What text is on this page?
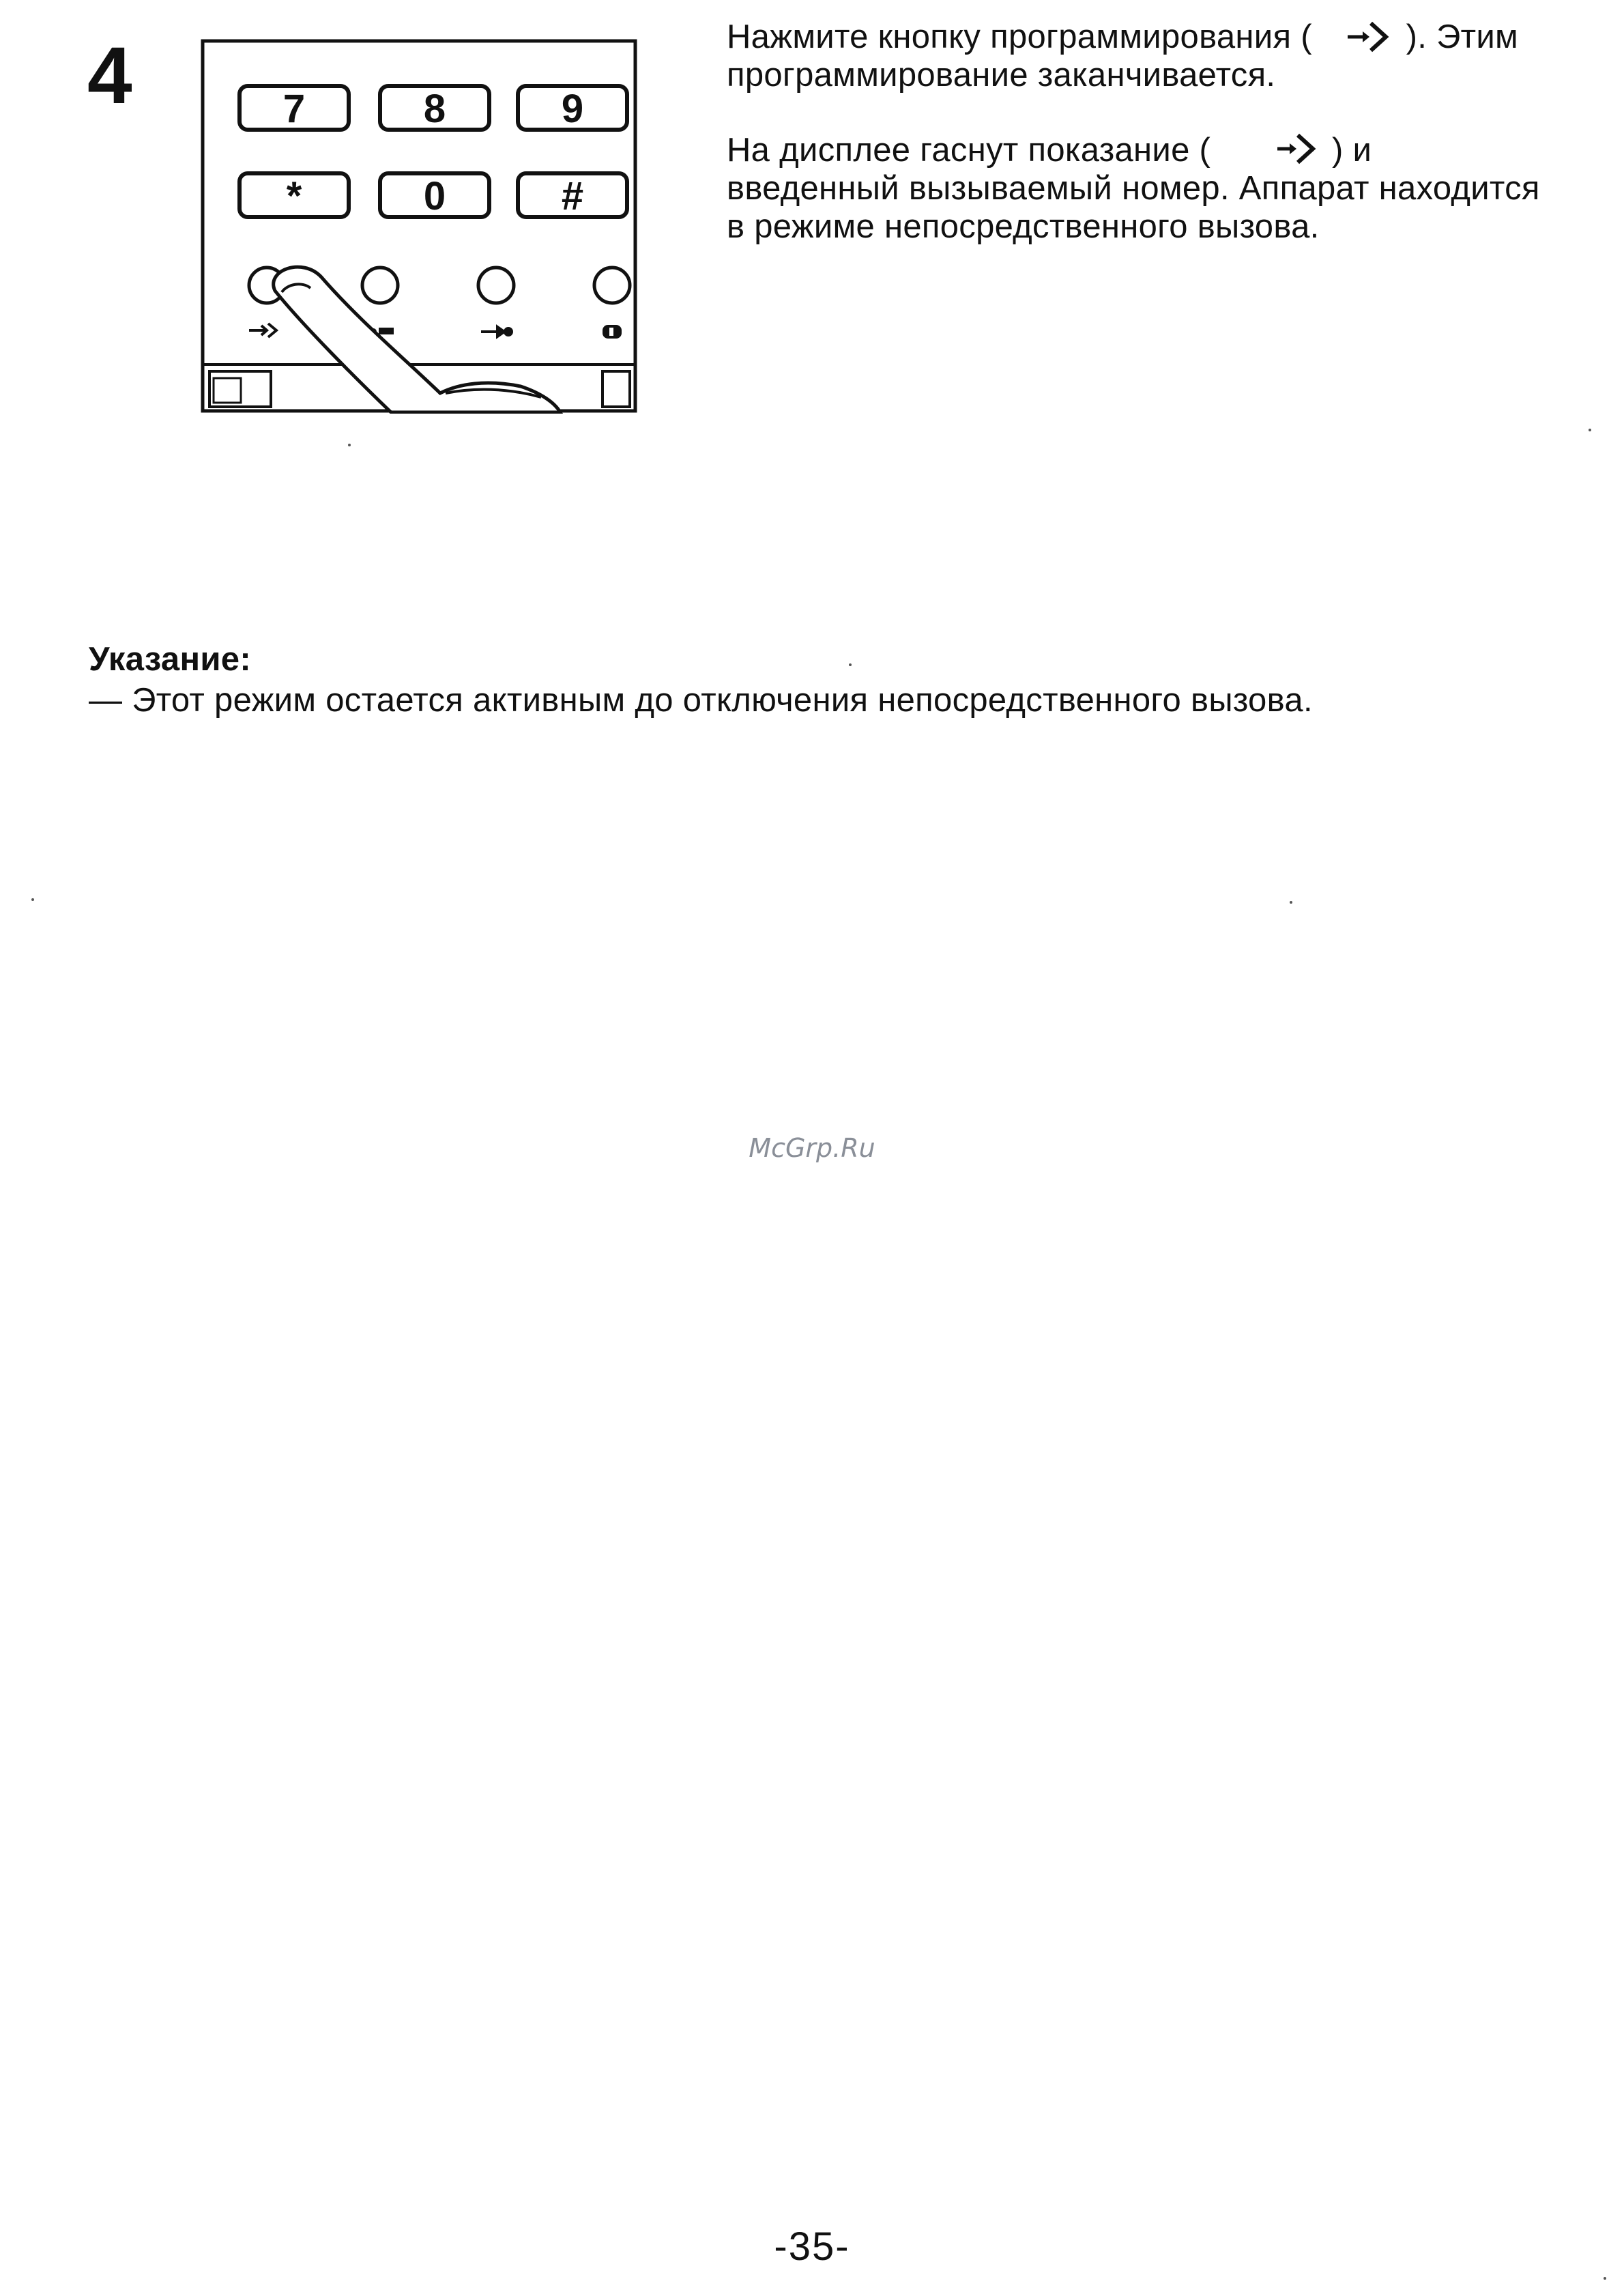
4	7	8	9
*	0	#

Нажмите кнопку программирования (	). Этим программирование заканчивается.

На дисплее гаснут показание (	) и введенный вызываемый номер. Аппарат находится в режиме непосредственного вызова.

Указание:
— Этот режим остается активным до отключения непосредственного вызова.
McGrp.Ru
-35-
